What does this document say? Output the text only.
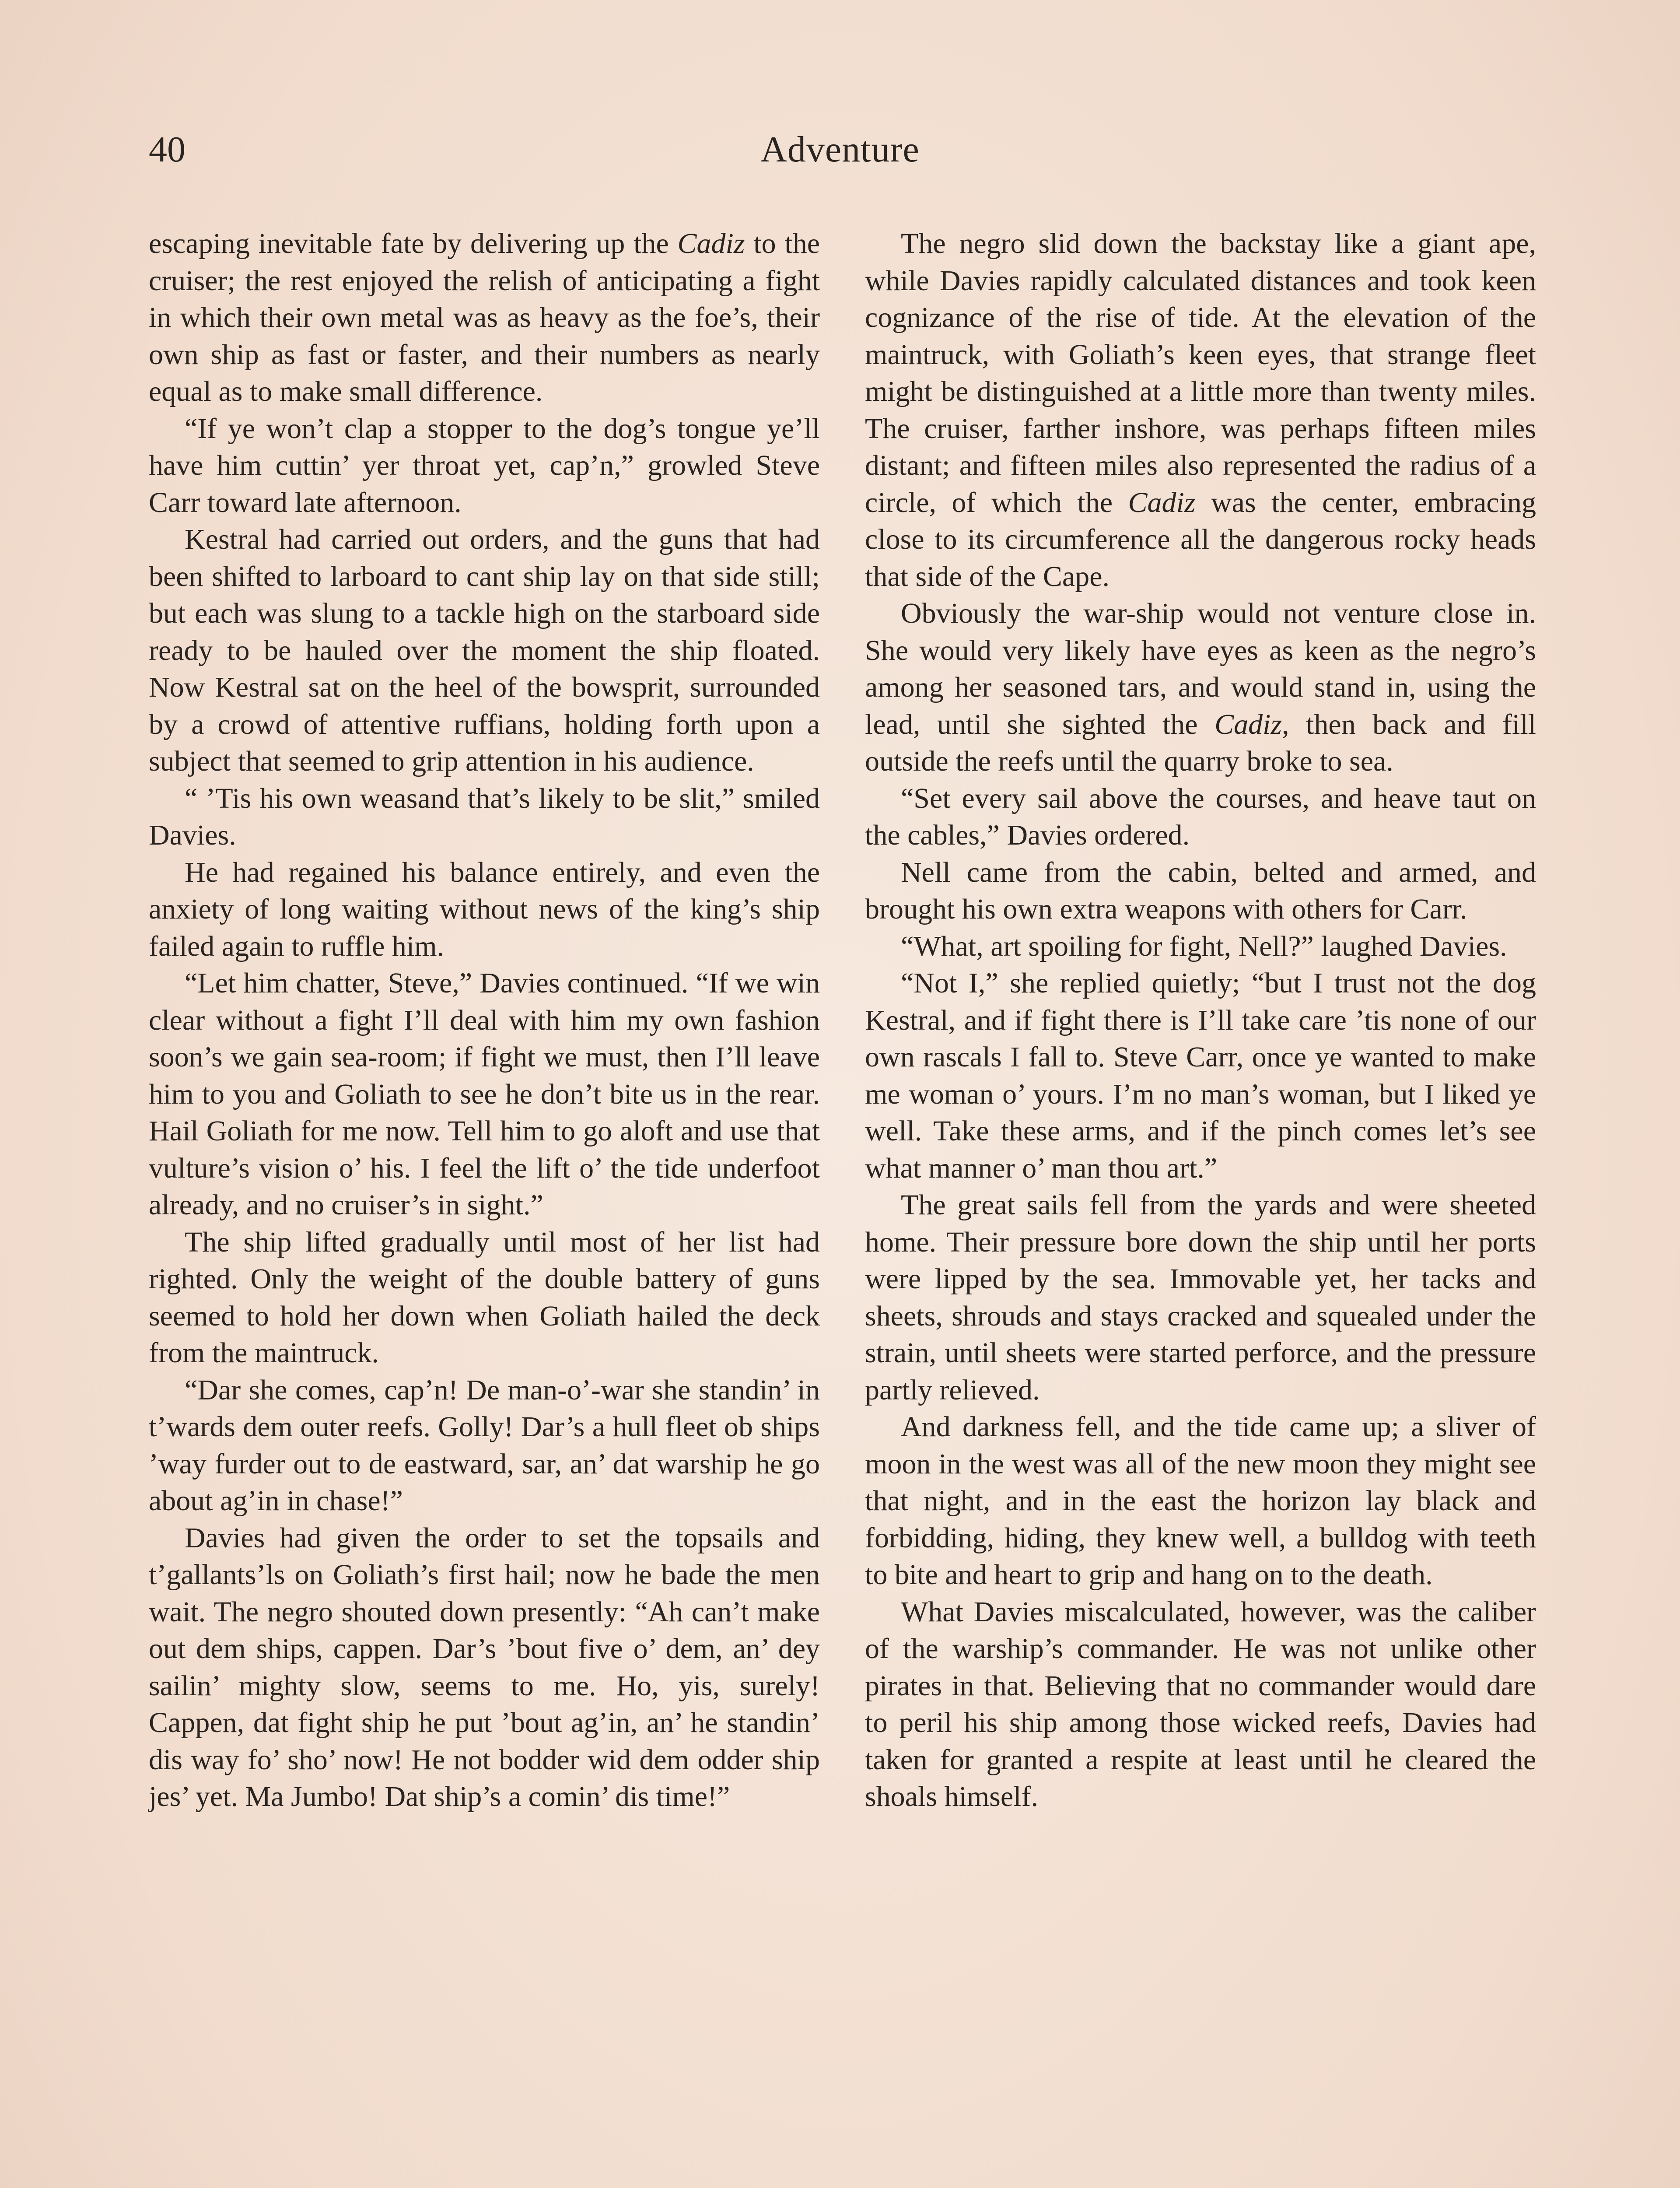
40	Adventure

escaping inevitable fate by delivering up the Cadiz to the cruiser; the rest enjoyed the relish of anticipating a fight in which their own metal was as heavy as the foe’s, their own ship as fast or faster, and their numbers as nearly equal as to make small difference.

“If ye won’t clap a stopper to the dog’s tongue ye’ll have him cuttin’ yer throat yet, cap’n,” growled Steve Carr toward late afternoon.

Kestral had carried out orders, and the guns that had been shifted to larboard to cant ship lay on that side still; but each was slung to a tackle high on the starboard side ready to be hauled over the moment the ship floated. Now Kestral sat on the heel of the bowsprit, surrounded by a crowd of attentive ruffians, holding forth upon a subject that seemed to grip attention in his audience.

“ ’Tis his own weasand that’s likely to be slit,” smiled Davies.

He had regained his balance entirely, and even the anxiety of long waiting without news of the king’s ship failed again to ruffle him.

“Let him chatter, Steve,” Davies continued. “If we win clear without a fight I’ll deal with him my own fashion soon’s we gain sea-room; if fight we must, then I’ll leave him to you and Goliath to see he don’t bite us in the rear. Hail Goliath for me now. Tell him to go aloft and use that vulture’s vision o’ his. I feel the lift o’ the tide underfoot already, and no cruiser’s in sight.”

The ship lifted gradually until most of her list had righted. Only the weight of the double battery of guns seemed to hold her down when Goliath hailed the deck from the maintruck.

“Dar she comes, cap’n! De man-o’-war she standin’ in t’wards dem outer reefs. Golly! Dar’s a hull fleet ob ships ’way furder out to de eastward, sar, an’ dat warship he go about ag’in in chase!”

Davies had given the order to set the topsails and t’gallants’ls on Goliath’s first hail; now he bade the men wait. The negro shouted down presently: “Ah can’t make out dem ships, cappen. Dar’s ’bout five o’ dem, an’ dey sailin’ mighty slow, seems to me. Ho, yis, surely! Cappen, dat fight ship he put ’bout ag’in, an’ he standin’ dis way fo’ sho’ now! He not bodder wid dem odder ship jes’ yet. Ma Jumbo! Dat ship’s a comin’ dis time!”

The negro slid down the backstay like a giant ape, while Davies rapidly calculated distances and took keen cognizance of the rise of tide. At the elevation of the maintruck, with Goliath’s keen eyes, that strange fleet might be distinguished at a little more than twenty miles. The cruiser, farther inshore, was perhaps fifteen miles distant; and fifteen miles also represented the radius of a circle, of which the Cadiz was the center, embracing close to its circumference all the dangerous rocky heads that side of the Cape.

Obviously the war-ship would not venture close in. She would very likely have eyes as keen as the negro’s among her seasoned tars, and would stand in, using the lead, until she sighted the Cadiz, then back and fill outside the reefs until the quarry broke to sea.

“Set every sail above the courses, and heave taut on the cables,” Davies ordered.

Nell came from the cabin, belted and armed, and brought his own extra weapons with others for Carr.

“What, art spoiling for fight, Nell?” laughed Davies.

“Not I,” she replied quietly; “but I trust not the dog Kestral, and if fight there is I’ll take care ’tis none of our own rascals I fall to. Steve Carr, once ye wanted to make me woman o’ yours. I’m no man’s woman, but I liked ye well. Take these arms, and if the pinch comes let’s see what manner o’ man thou art.”

The great sails fell from the yards and were sheeted home. Their pressure bore down the ship until her ports were lipped by the sea. Immovable yet, her tacks and sheets, shrouds and stays cracked and squealed under the strain, until sheets were started perforce, and the pressure partly relieved.

And darkness fell, and the tide came up; a sliver of moon in the west was all of the new moon they might see that night, and in the east the horizon lay black and forbidding, hiding, they knew well, a bulldog with teeth to bite and heart to grip and hang on to the death.

What Davies miscalculated, however, was the caliber of the warship’s commander. He was not unlike other pirates in that. Believing that no commander would dare to peril his ship among those wicked reefs, Davies had taken for granted a respite at least until he cleared the shoals himself.
